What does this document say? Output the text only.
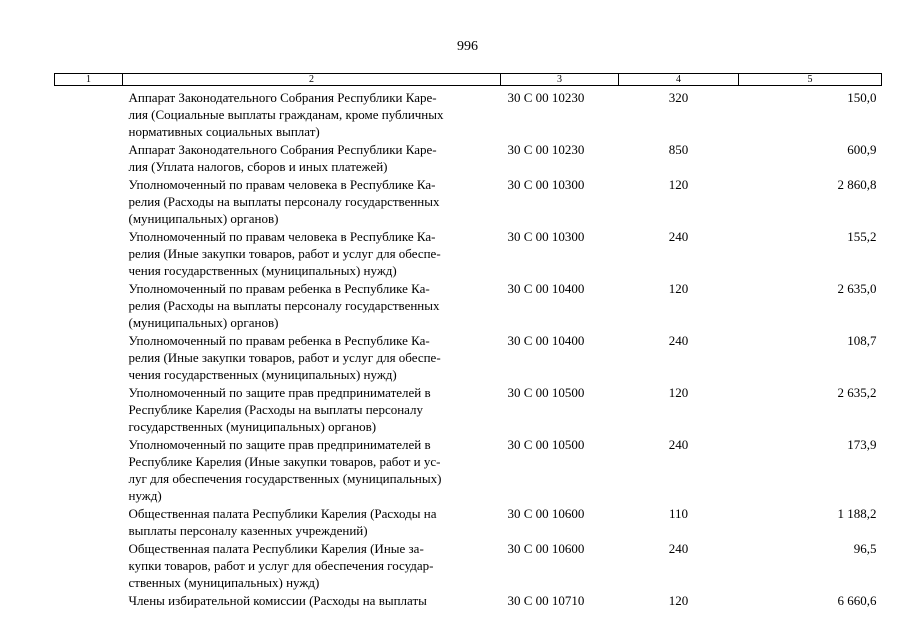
996
1	2	3	4	5
	Аппарат Законодательного Собрания Республики Каре-
лия (Социальные выплаты гражданам, кроме публичных
нормативных социальных выплат)	30 С 00 10230	320	150,0
	Аппарат Законодательного Собрания Республики Каре-
лия (Уплата налогов, сборов и иных платежей)	30 С 00 10230	850	600,9
	Уполномоченный по правам человека в Республике Ка-
релия (Расходы на выплаты персоналу государственных
(муниципальных) органов)	30 С 00 10300	120	2 860,8
	Уполномоченный по правам человека в Республике Ка-
релия (Иные закупки товаров, работ и услуг для обеспе-
чения государственных (муниципальных) нужд)	30 С 00 10300	240	155,2
	Уполномоченный по правам ребенка в Республике Ка-
релия (Расходы на выплаты персоналу государственных
(муниципальных) органов)	30 С 00 10400	120	2 635,0
	Уполномоченный по правам ребенка в Республике Ка-
релия (Иные закупки товаров, работ и услуг для обеспе-
чения государственных (муниципальных) нужд)	30 С 00 10400	240	108,7
	Уполномоченный по защите прав предпринимателей в
Республике Карелия (Расходы на выплаты персоналу
государственных (муниципальных) органов)	30 С 00 10500	120	2 635,2
	Уполномоченный по защите прав предпринимателей в
Республике Карелия (Иные закупки товаров, работ и ус-
луг для обеспечения государственных (муниципальных)
нужд)	30 С 00 10500	240	173,9
	Общественная палата Республики Карелия (Расходы на
выплаты персоналу казенных учреждений)	30 С 00 10600	110	1 188,2
	Общественная палата Республики Карелия (Иные за-
купки товаров, работ и услуг для обеспечения государ-
ственных (муниципальных) нужд)	30 С 00 10600	240	96,5
	Члены избирательной комиссии (Расходы на выплаты	30 С 00 10710	120	6 660,6
